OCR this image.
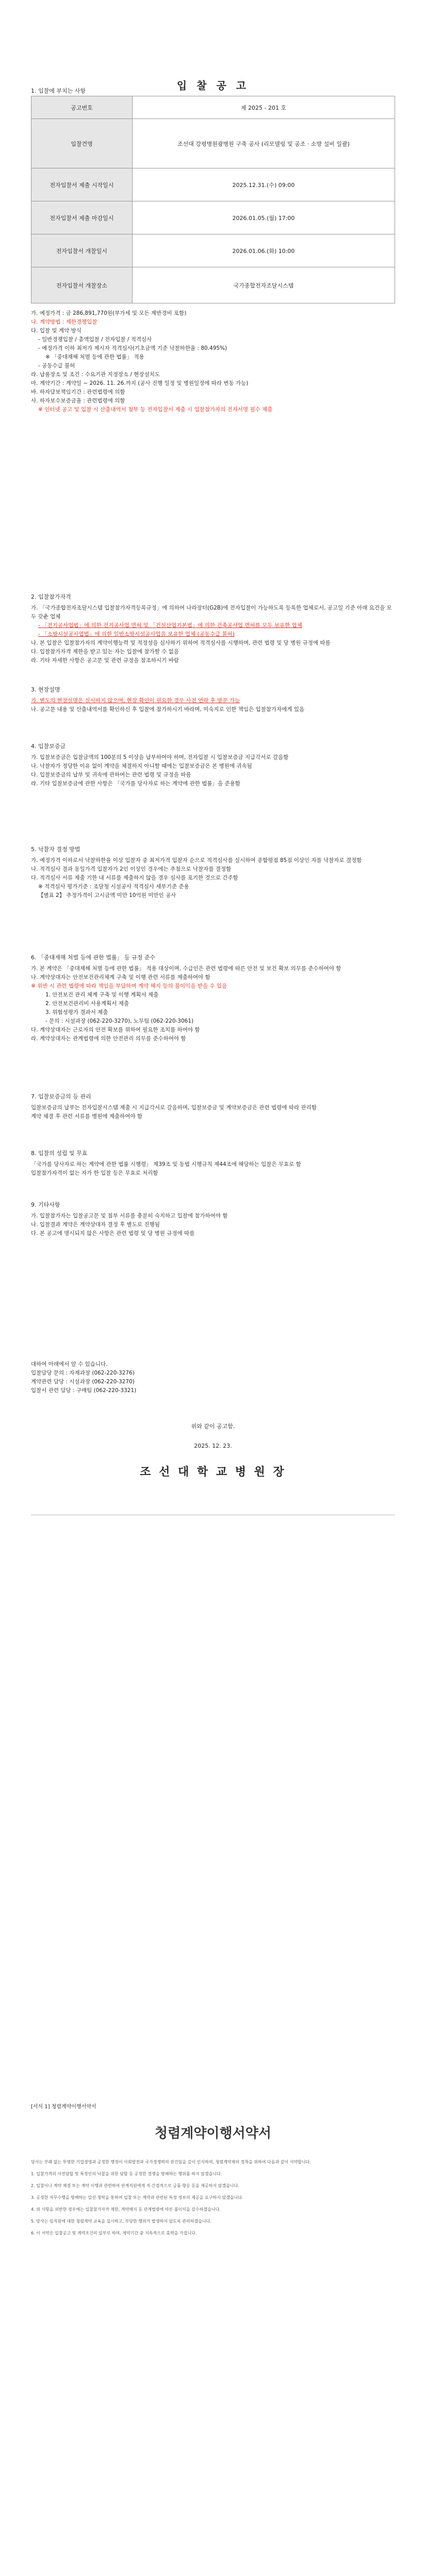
입 찰 공 고
1. 입찰에 부치는 사항
공고번호	제 2025 - 201 호
입찰건명	조선대 강평병원광병원 구축 공사 (리모델링 및 공조 · 소방 설비 일괄)
전자입찰서 제출 시작일시	2025.12.31.(수) 09:00
전자입찰서 제출 마감일시	2026.01.05.(월) 17:00
전자입찰서 개찰일시	2026.01.06.(화) 10:00
전자입찰서 개찰장소	국가종합전자조달시스템

가. 예정가격 : 금 286,891,770원(부가세 및 모든 제반경비 포함)

나. 계약방법 : 제한경쟁입찰

다. 입찰 및 계약 방식

- 일반경쟁입찰 / 총액입찰 / 전자입찰 / 적격심사

- 예정가격 이하 최저가 제시자 적격심사(기초금액 기준 낙찰하한율 : 80.495%)

※ 「중대재해 처벌 등에 관한 법률」 적용

- 공동수급 불허

라. 납품장소 및 조건 : 수요기관 지정장소 / 현장설치도

마. 계약기간 : 계약일 ~ 2026. 11. 26.까지 (공사 진행 일정 및 병원일정에 따라 변동 가능)

바. 하자담보책임기간 : 관련법령에 의함

사. 하자보수보증금율 : 관련법령에 의함

※ 인터넷 공고 및 입찰 시 산출내역서 첨부 등 전자입찰서 제출 시 입찰참가자의 전자서명 필수 제출

2. 입찰참가자격

가. 「국가종합전자조달시스템 입찰참가자격등록규정」에 의하여 나라장터(G2B)에 전자입찰이 가능하도록 등록한 업체로서, 공고일 기준 아래 요건을 모두 갖춘 업체

- 「전기공사업법」에 의한 전기공사업 면허 및 「건설산업기본법」에 의한 건축공사업 면허를 모두 보유한 업체

- 「소방시설공사업법」에 의한 일반소방시설공사업을 보유한 업체 (공동수급 불허)

나. 본 입찰은 입찰참가자의 계약이행능력 및 적정성을 심사하기 위하여 적격심사를 시행하며, 관련 법령 및 당 병원 규정에 따름

다. 입찰참가자격 제한을 받고 있는 자는 입찰에 참가할 수 없음

라. 기타 자세한 사항은 공고문 및 관련 규정을 참조하시기 바람

3. 현장설명

가. 별도의 현장설명은 실시하지 않으며, 현장 확인이 필요한 경우 사전 연락 후 방문 가능

나. 공고문 내용 및 산출내역서를 확인하신 후 입찰에 참가하시기 바라며, 미숙지로 인한 책임은 입찰참가자에게 있음

4. 입찰보증금

가. 입찰보증금은 입찰금액의 100분의 5 이상을 납부하여야 하며, 전자입찰 시 입찰보증금 지급각서로 갈음함

나. 낙찰자가 정당한 이유 없이 계약을 체결하지 아니할 때에는 입찰보증금은 본 병원에 귀속됨

다. 입찰보증금의 납부 및 귀속에 관하여는 관련 법령 및 규정을 따름

라. 기타 입찰보증금에 관한 사항은 「국가를 당사자로 하는 계약에 관한 법률」을 준용함

5. 낙찰자 결정 방법

가. 예정가격 이하로서 낙찰하한율 이상 입찰자 중 최저가격 입찰자 순으로 적격심사를 실시하여 종합평점 85점 이상인 자를 낙찰자로 결정함

나. 적격심사 결과 동일가격 입찰자가 2인 이상인 경우에는 추첨으로 낙찰자를 결정함

다. 적격심사 서류 제출 기한 내 서류를 제출하지 않을 경우 심사를 포기한 것으로 간주함

※ 적격심사 평가기준 : 조달청 시설공사 적격심사 세부기준 준용

【별표 2】 추정가격이 고시금액 미만 10억원 미만인 공사

6. 「중대재해 처벌 등에 관한 법률」 등 규정 준수

가. 본 계약은 「중대재해 처벌 등에 관한 법률」 적용 대상이며, 수급인은 관련 법령에 따른 안전 및 보건 확보 의무를 준수하여야 함

나. 계약상대자는 안전보건관리체계 구축 및 이행 관련 서류를 제출하여야 함

※ 위반 시 관련 법령에 따라 책임을 부담하며 계약 해지 등의 불이익을 받을 수 있음

1. 안전보건 관리 체계 구축 및 이행 계획서 제출

2. 안전보건관리비 사용계획서 제출

3. 위험성평가 결과서 제출

- 문의 : 시설과장 (062-220-3270), 노무팀 (062-220-3061)

다. 계약상대자는 근로자의 안전 확보를 위하여 필요한 조치를 하여야 함

라. 계약상대자는 관계법령에 의한 안전관리 의무를 준수하여야 함

7. 입찰보증금의 등 관리

입찰보증금의 납부는 전자입찰시스템 제출 시 지급각서로 갈음하며, 입찰보증금 및 계약보증금은 관련 법령에 따라 관리함

계약 체결 후 관련 서류를 병원에 제출하여야 함

8. 입찰의 성립 및 무효

「국가를 당사자로 하는 계약에 관한 법률 시행령」 제39조 및 동법 시행규칙 제44조에 해당하는 입찰은 무효로 함

입찰참가자격이 없는 자가 한 입찰 등은 무효로 처리함

9. 기타사항

가. 입찰참가자는 입찰공고문 및 첨부 서류를 충분히 숙지하고 입찰에 참가하여야 함

나. 입찰결과 계약은 계약상대자 결정 후 별도로 진행됨

다. 본 공고에 명시되지 않은 사항은 관련 법령 및 당 병원 규정에 따름

대하여 아래에서 알 수 있습니다.

입찰담당 문의 : 자재과장 (062-220-3276)

계약관련 담당 : 시설과장 (062-220-3270)

입찰서 관련 담당 : 구매팀 (062-220-3321)

위와 같이 공고함.
2025. 12. 23.
조 선 대 학 교 병 원 장
[서식 1] 청렴계약이행서약서
청렴계약이행서약서

당사는 부패 없는 투명한 기업경영과 공정한 행정이 사회발전과 국가경쟁력의 관건임을 깊이 인식하며, 청렴계약제의 정착을 위하여 다음과 같이 서약합니다.

1. 입찰가격의 사전담합 및 특정인의 낙찰을 위한 담합 등 공정한 경쟁을 방해하는 행위를 하지 않겠습니다.

2. 입찰이나 계약 체결 또는 계약 이행과 관련하여 관계직원에게 직·간접적으로 금품·향응 등을 제공하지 않겠습니다.

3. 공정한 직무수행을 방해하는 알선·청탁을 통하여 입찰 또는 계약과 관련된 특정 정보의 제공을 요구하지 않겠습니다.

4. 위 사항을 위반한 경우에는 입찰참가자격 제한, 계약해지 등 관계법령에 따른 불이익을 감수하겠습니다.

5. 당사는 임직원에 대한 청렴계약 교육을 실시하고, 부당한 행위가 발생하지 않도록 관리하겠습니다.

6. 이 서약은 입찰공고 및 계약조건의 일부로 하며, 계약기간 중 지속적으로 효력을 가집니다.
